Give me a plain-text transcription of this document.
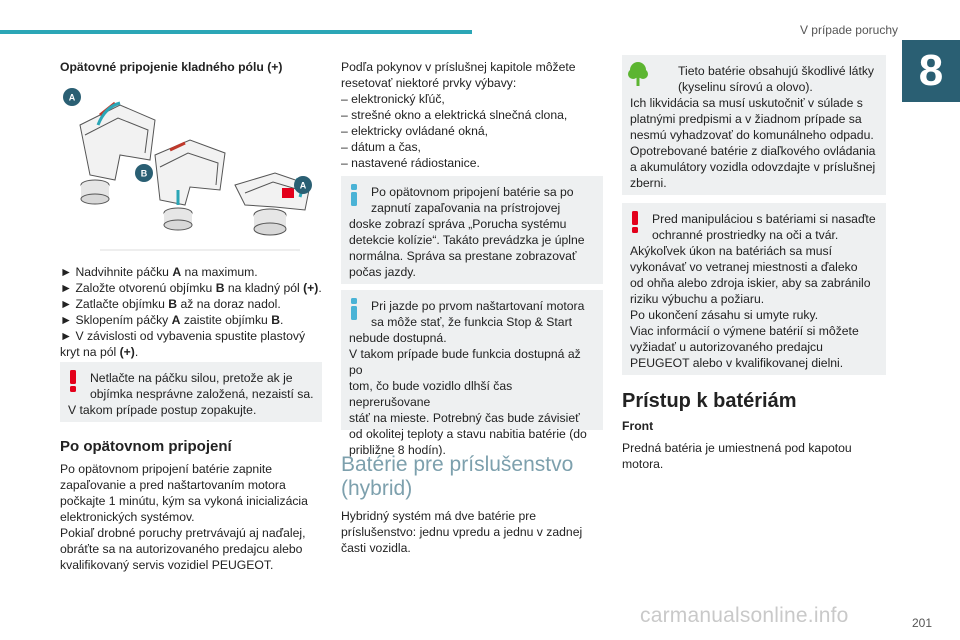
V prípade poruchy
8
Opätovné pripojenie kladného pólu (+)
A
B
A
► Nadvihnite páčku A na maximum.
► Založte otvorenú objímku B na kladný pól (+).
► Zatlačte objímku B až na doraz nadol.
► Sklopením páčky A zaistite objímku B.
► V závislosti od vybavenia spustite plastový
kryt na pól (+).
Netlačte na páčku silou, pretože ak je
objímka nesprávne založená, nezaistí sa.
V takom prípade postup zopakujte.
Po opätovnom pripojení
Po opätovnom pripojení batérie zapnite
zapaľovanie a pred naštartovaním motora
počkajte 1 minútu, kým sa vykoná inicializácia
elektronických systémov.
Pokiaľ drobné poruchy pretrvávajú aj naďalej,
obráťte sa na autorizovaného predajcu alebo
kvalifikovaný servis vozidiel PEUGEOT.
Podľa pokynov v príslušnej kapitole môžete
resetovať niektoré prvky výbavy:
– elektronický kľúč,
– strešné okno a elektrická slnečná clona,
– elektricky ovládané okná,
– dátum a čas,
– nastavené rádiostanice.
Po opätovnom pripojení batérie sa po
zapnutí zapaľovania na prístrojovej
doske zobrazí správa „Porucha systému
detekcie kolízie“. Takáto prevádzka je úplne
normálna. Správa sa prestane zobrazovať
počas jazdy.
Pri jazde po prvom naštartovaní motora
sa môže stať, že funkcia Stop & Start
nebude dostupná.
V takom prípade bude funkcia dostupná až po
tom, čo bude vozidlo dlhší čas neprerušovane
stáť na mieste. Potrebný čas bude závisieť
od okolitej teploty a stavu nabitia batérie (do
približne 8 hodín).
Batérie pre príslušenstvo
(hybrid)
Hybridný systém má dve batérie pre
príslušenstvo: jednu vpredu a jednu v zadnej
časti vozidla.
Tieto batérie obsahujú škodlivé látky
(kyselinu sírovú a olovo).
Ich likvidácia sa musí uskutočniť v súlade s
platnými predpismi a v žiadnom prípade sa
nesmú vyhadzovať do komunálneho odpadu.
Opotrebované batérie z diaľkového ovládania
a akumulátory vozidla odovzdajte v príslušnej
zberni.
Pred manipuláciou s batériami si nasaďte
ochranné prostriedky na oči a tvár.
Akýkoľvek úkon na batériách sa musí
vykonávať vo vetranej miestnosti a ďaleko
od ohňa alebo zdroja iskier, aby sa zabránilo
riziku výbuchu a požiaru.
Po ukončení zásahu si umyte ruky.
Viac informácií o výmene batérií si môžete
vyžiadať u autorizovaného predajcu
PEUGEOT alebo v kvalifikovanej dielni.
Prístup k batériám
Front
Predná batéria je umiestnená pod kapotou
motora.
carmanualsonline.info	201
